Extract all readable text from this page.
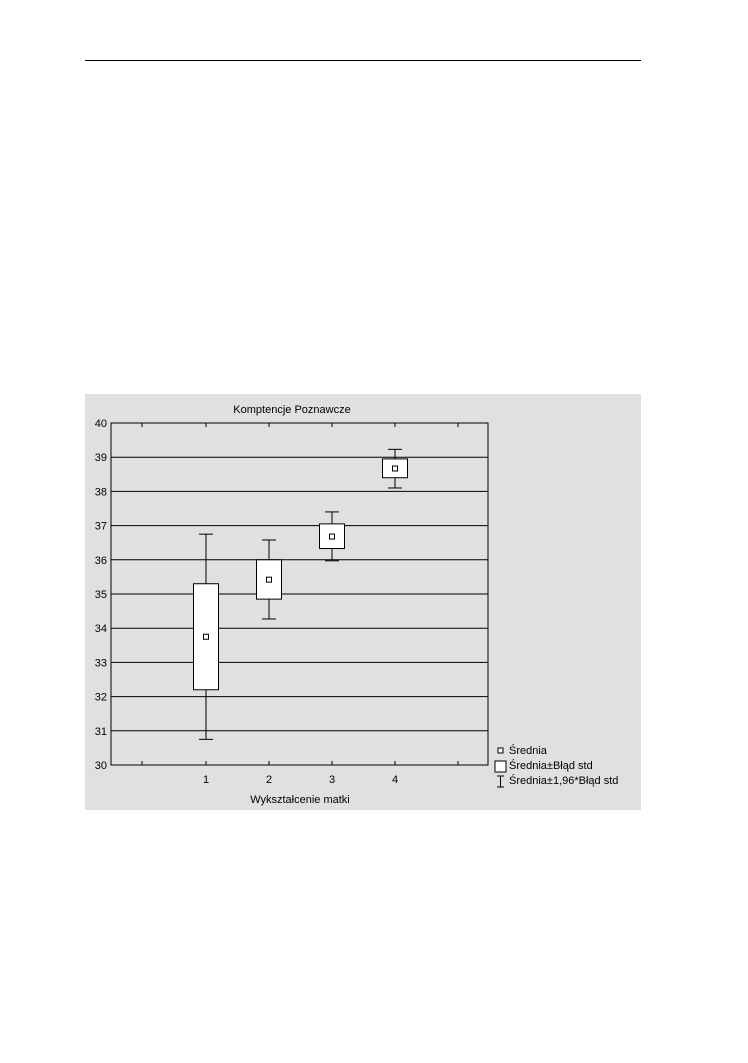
Komptencje Poznawcze
Wykształcenie matki
30
31
32
33
34
35
36
37
38
39
40
1	2	3	4
Średnia
Średnia±Błąd std
Średnia±1,96*Błąd std
